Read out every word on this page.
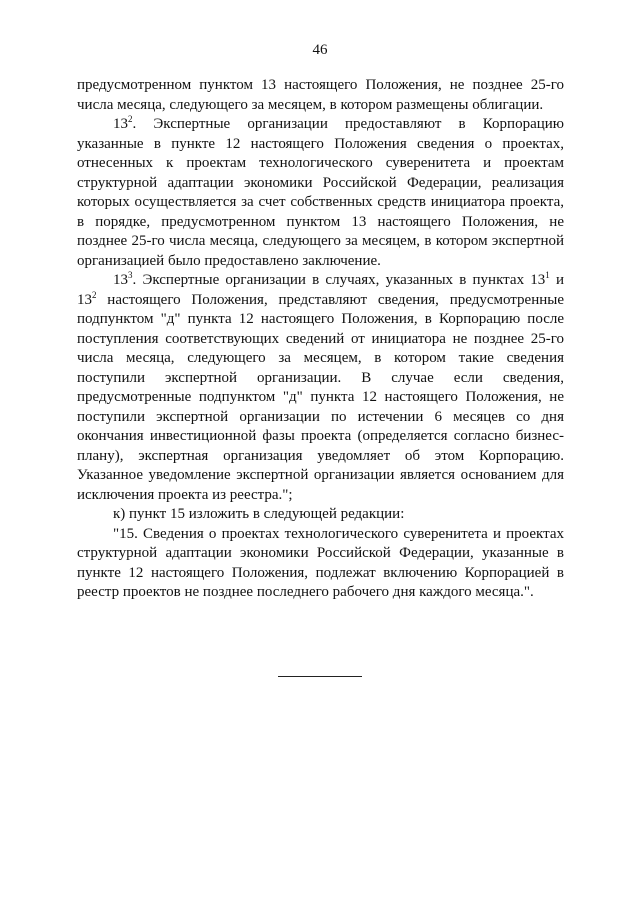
46

предусмотренном пунктом 13 настоящего Положения, не позднее 25-го числа месяца, следующего за месяцем, в котором размещены облигации.

$13^2$. Экспертные организации предоставляют в Корпорацию указанные в пункте 12 настоящего Положения сведения о проектах, отнесенных к проектам технологического суверенитета и проектам структурной адаптации экономики Российской Федерации, реализация которых осуществляется за счет собственных средств инициатора проекта, в порядке, предусмотренном пунктом 13 настоящего Положения, не позднее 25-го числа месяца, следующего за месяцем, в котором экспертной организацией было предоставлено заключение.

$13^3$. Экспертные организации в случаях, указанных в пунктах $13^1$ и $13^2$ настоящего Положения, представляют сведения, предусмотренные подпунктом "д" пункта 12 настоящего Положения, в Корпорацию после поступления соответствующих сведений от инициатора не позднее 25-го числа месяца, следующего за месяцем, в котором такие сведения поступили экспертной организации. В случае если сведения, предусмотренные подпунктом "д" пункта 12 настоящего Положения, не поступили экспертной организации по истечении 6 месяцев со дня окончания инвестиционной фазы проекта (определяется согласно бизнес-плану), экспертная организация уведомляет об этом Корпорацию. Указанное уведомление экспертной организации является основанием для исключения проекта из реестра.";

к) пункт 15 изложить в следующей редакции:

"15. Сведения о проектах технологического суверенитета и проектах структурной адаптации экономики Российской Федерации, указанные в пункте 12 настоящего Положения, подлежат включению Корпорацией в реестр проектов не позднее последнего рабочего дня каждого месяца.".
